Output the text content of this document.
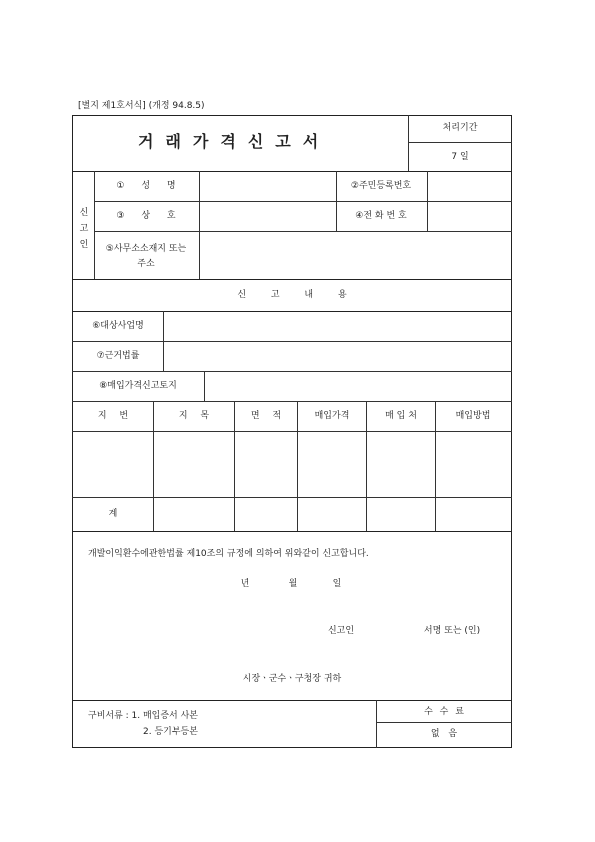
[별지 제1호서식] (개정 94.8.5)
거래가격신고서
처리기간
7 일
신
고
인
① 성 명	②주민등록번호
③ 상 호	④전 화 번 호
⑤사무소소재지 또는
주소
신 고 내 용
⑥대상사업명
⑦근거법률
⑧매입가격신고토지
지 번	지 목	면 적	매입가격	매 입 처	매입방법
계
개발이익환수에관한법률 제10조의 규정에 의하여 위와같이 신고합니다.
년	월	일
신고인	서명 또는 (인)
시장ㆍ군수ㆍ구청장 귀하
구비서류 : 1. 매입증서 사본
2. 등기부등본
수 수 료
없 음
